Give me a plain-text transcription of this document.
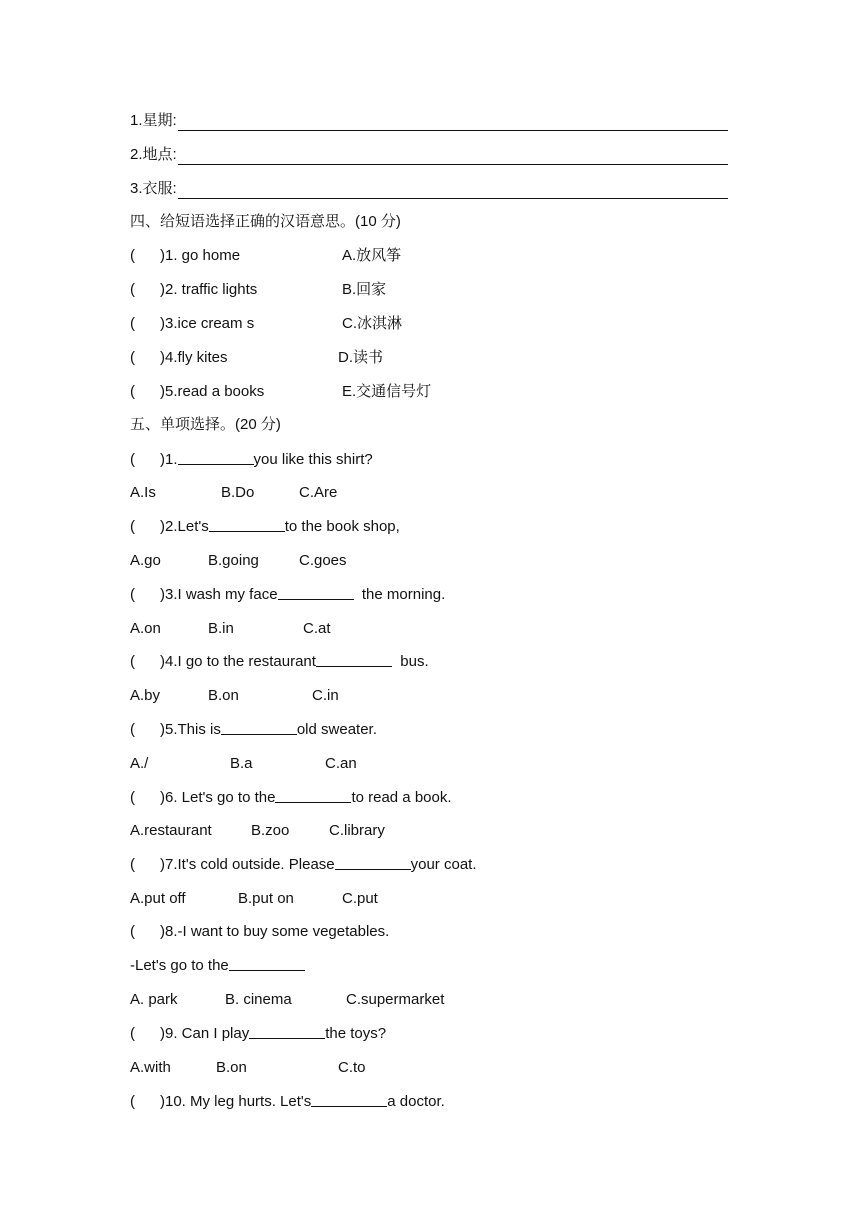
1.星期:
2.地点:
3.衣服:
四、给短语选择正确的汉语意思。(10 分)
( )1. go home	A.放风筝
( )2. traffic lights	B.回家
( )3.ice cream s	C.冰淇淋
( )4.fly kites	D.读书
( )5.read a books	E.交通信号灯
五、单项选择。(20 分)
( )1.	you like this shirt?
A.Is	B.Do	C.Are
( )2.Let's	to the book shop,
A.go	B.going	C.goes
( )3.I wash my face	the morning.
A.on	B.in	C.at
( )4.I go to the restaurant	bus.
A.by	B.on	C.in
( )5.This is	old sweater.
A./	B.a	C.an
( )6. Let's go to the	to read a book.
A.restaurant	B.zoo	C.library
( )7.It's cold outside. Please	your coat.
A.put off	B.put on	C.put
( )8.-I want to buy some vegetables.
-Let's go to the
A. park	B. cinema	C.supermarket
( )9. Can I play	the toys?
A.with	B.on	C.to
( )10. My leg hurts. Let's	a doctor.
